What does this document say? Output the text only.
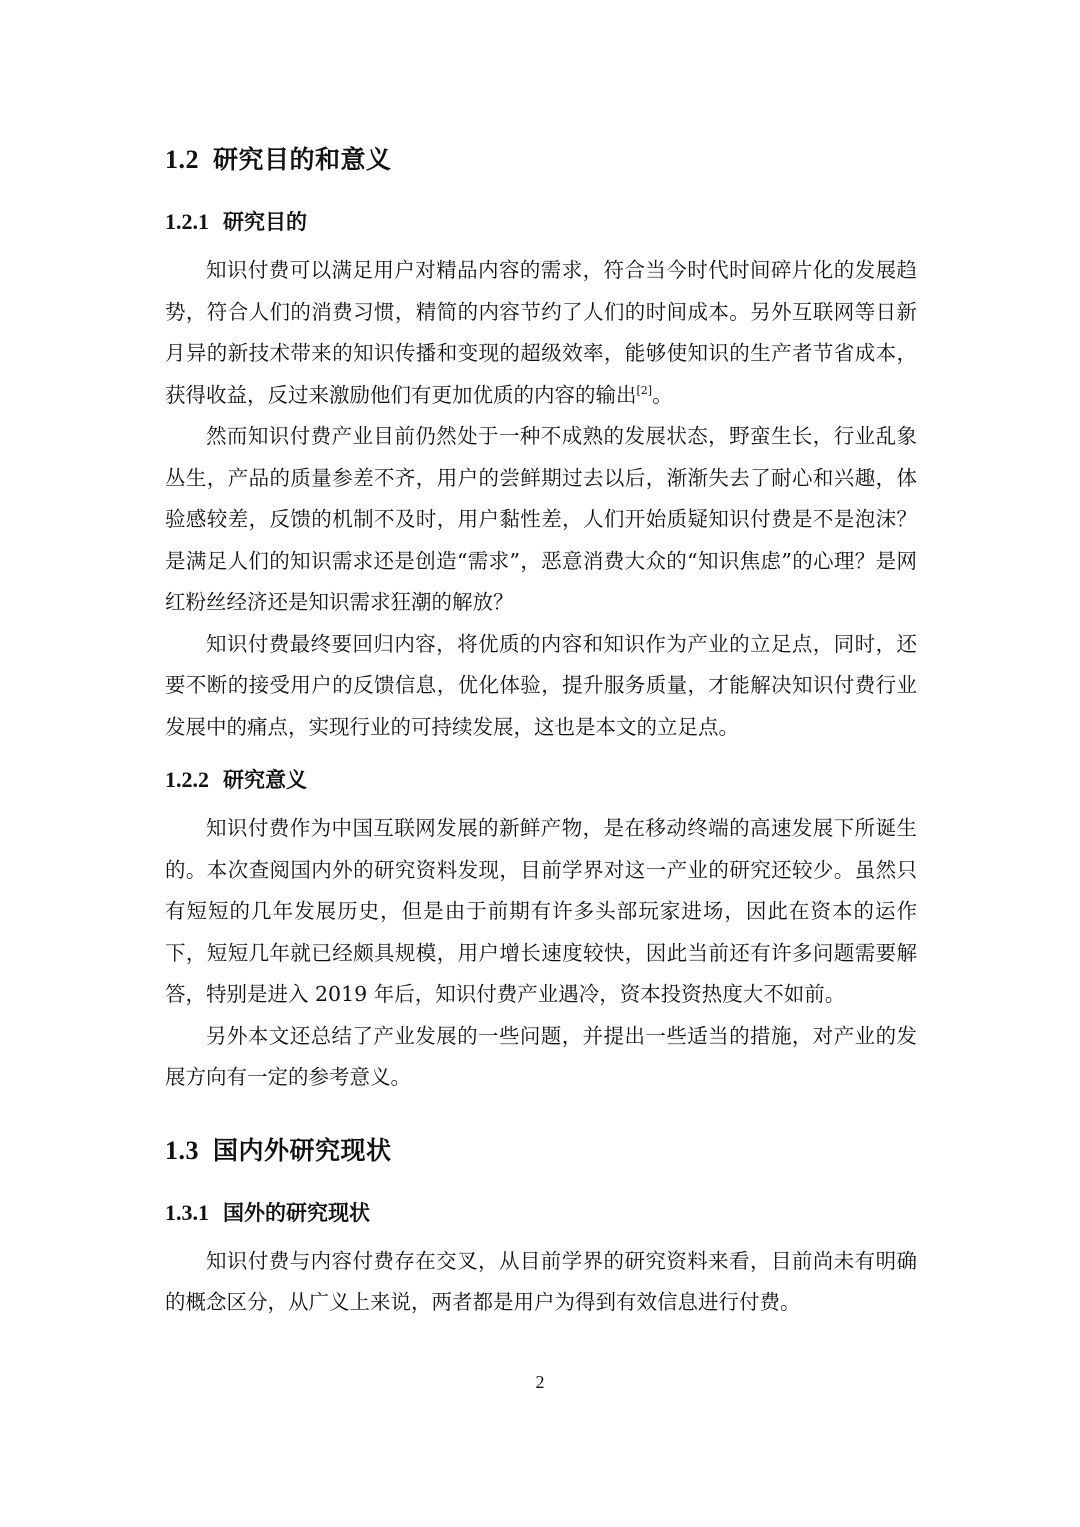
1.2 研究目的和意义
1.2.1 研究目的

知识付费可以满足用户对精品内容的需求，符合当今时代时间碎片化的发展趋势，符合人们的消费习惯，精简的内容节约了人们的时间成本。另外互联网等日新月异的新技术带来的知识传播和变现的超级效率，能够使知识的生产者节省成本，获得收益，反过来激励他们有更加优质的内容的输出[2]。

然而知识付费产业目前仍然处于一种不成熟的发展状态，野蛮生长，行业乱象丛生，产品的质量参差不齐，用户的尝鲜期过去以后，渐渐失去了耐心和兴趣，体验感较差，反馈的机制不及时，用户黏性差，人们开始质疑知识付费是不是泡沫？是满足人们的知识需求还是创造“需求”，恶意消费大众的“知识焦虑”的心理？是网红粉丝经济还是知识需求狂潮的解放？

知识付费最终要回归内容，将优质的内容和知识作为产业的立足点，同时，还要不断的接受用户的反馈信息，优化体验，提升服务质量，才能解决知识付费行业发展中的痛点，实现行业的可持续发展，这也是本文的立足点。

1.2.2 研究意义

知识付费作为中国互联网发展的新鲜产物，是在移动终端的高速发展下所诞生的。本次查阅国内外的研究资料发现，目前学界对这一产业的研究还较少。虽然只有短短的几年发展历史，但是由于前期有许多头部玩家进场，因此在资本的运作下，短短几年就已经颇具规模，用户增长速度较快，因此当前还有许多问题需要解答，特别是进入 2019 年后，知识付费产业遇冷，资本投资热度大不如前。

另外本文还总结了产业发展的一些问题，并提出一些适当的措施，对产业的发展方向有一定的参考意义。

1.3 国内外研究现状
1.3.1 国外的研究现状

知识付费与内容付费存在交叉，从目前学界的研究资料来看，目前尚未有明确的概念区分，从广义上来说，两者都是用户为得到有效信息进行付费。

2
